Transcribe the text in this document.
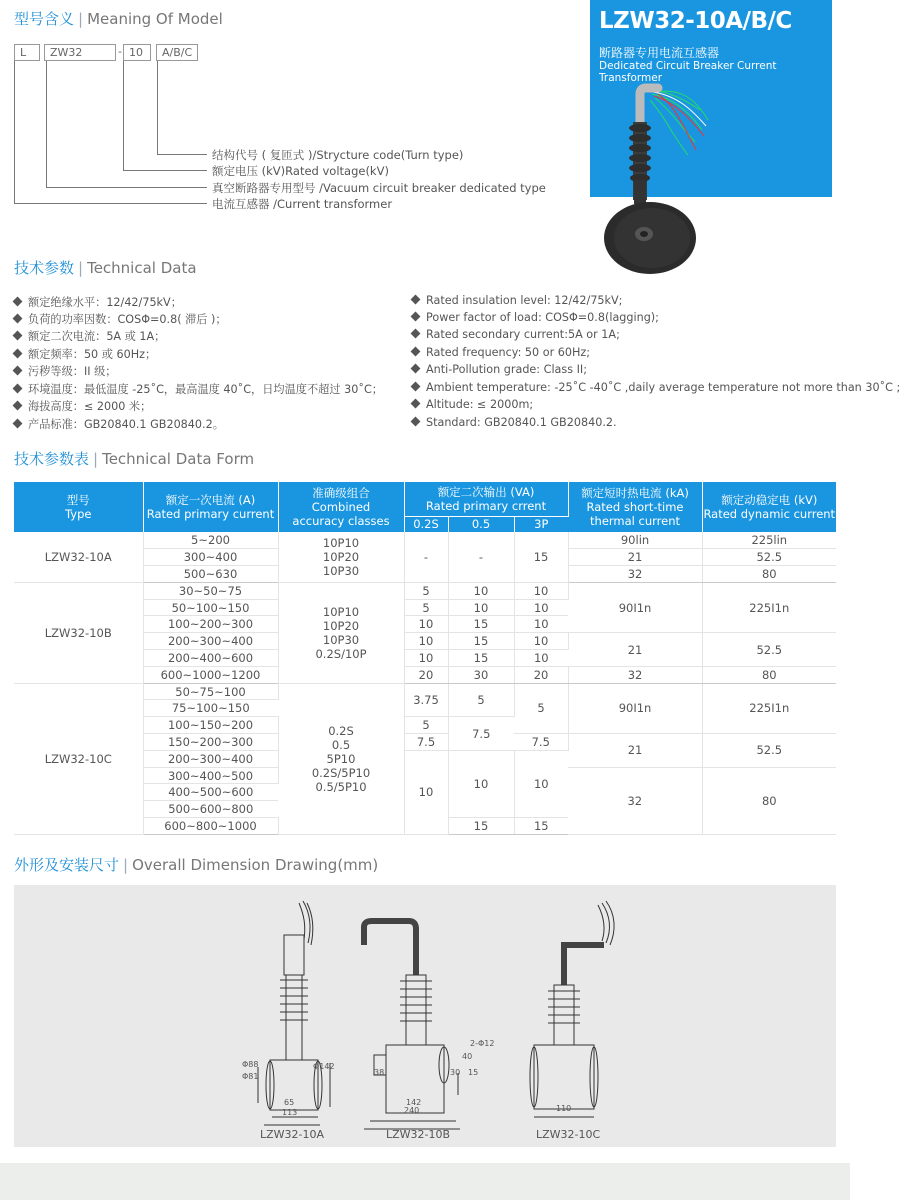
型号含义 | Meaning Of Model
技术参数 | Technical Data
技术参数表 | Technical Data Form
外形及安装尺寸 | Overall Dimension Drawing(mm)
L	ZW32	- 10	A/B/C
结构代号 ( 复匝式 )/Strycture code(Turn type)
额定电压 (kV)Rated voltage(kV)
真空断路器专用型号 /Vacuum circuit breaker dedicated type
电流互感器 /Current transformer
LZW32-10A/B/C
断路器专用电流互感器
Dedicated Circuit Breaker Current Transformer
额定绝缘水平：12/42/75kV；
负荷的功率因数：COSΦ=0.8( 滞后 )；
额定二次电流：5A 或 1A；
额定频率：50 或 60Hz；
污秽等级：II 级；
环境温度：最低温度 -25˚C，最高温度 40˚C，日均温度不超过 30˚C；
海拔高度：≤ 2000 米；
产品标准：GB20840.1 GB20840.2。
Rated insulation level: 12/42/75kV;
Power factor of load: COSΦ=0.8(lagging);
Rated secondary current:5A or 1A;
Rated frequency: 50 or 60Hz;
Anti-Pollution grade: Class II;
Ambient temperature: -25˚C -40˚C ,daily average temperature not more than 30˚C ;
Altitude: ≤ 2000m;
Standard: GB20840.1 GB20840.2.
型号
Type	额定一次电流 (A)
Rated primary current	准确级组合
Combined
accuracy classes	额定二次输出 (VA)
Rated primary crrent			额定短时热电流 (kA)
Rated short-time
thermal current	额定动稳定电 (kV)
Rated dynamic current
			0.2S	0.5	3P		
LZW32-10A	5~200	10P10
10P20
10P30	-	-	15	90lin	225lin
	300~400					21	52.5
	500~630					32	80
LZW32-10B	30~50~75	10P10
10P20
10P30
0.2S/10P	5	10	10	90I1n	225I1n
	50~100~150		5	10	10		
	100~200~300		10	15	10		
	200~300~400		10	15	10	21	52.5
	200~400~600		10	15	10		
	600~1000~1200		20	30	20	32	80
LZW32-10C	50~75~100	0.2S
0.5
5P10
0.2S/5P10
0.5/5P10	3.75	5	5	90I1n	225I1n
	75~100~150						
	100~150~200		5	7.5			
	150~200~300		7.5		7.5	21	52.5
	200~300~400		10	10	10		
	300~400~500					32	80
	400~500~600						
	500~600~800						
	600~800~1000			15	15		
LZW32-10A	LZW32-10B	LZW32-10C
Φ88
Φ81
Φ142
65
113
2-Φ12
40
38	30 15
142
240	110
